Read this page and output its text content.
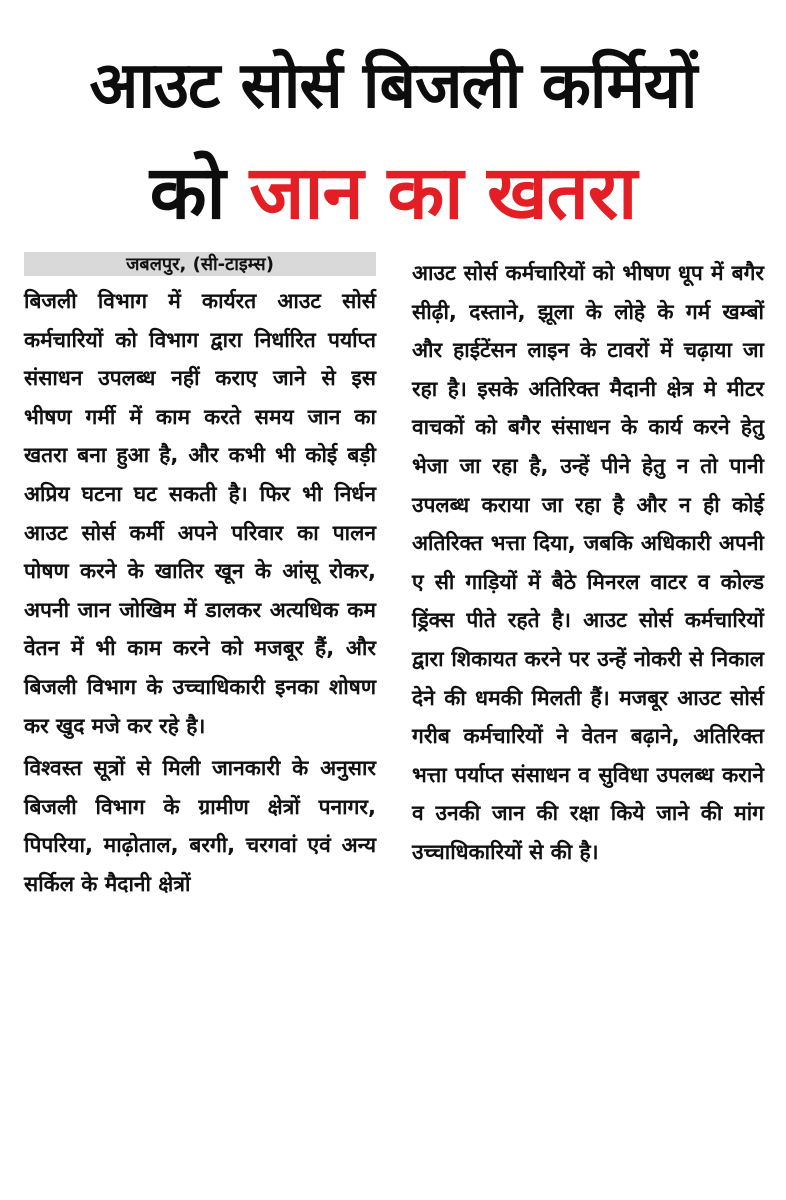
आउट सोर्स बिजली कर्मियों
को जान का खतरा
जबलपुर, (सी-टाइम्स)

बिजली विभाग में कार्यरत आउट सोर्स कर्मचारियों को विभाग द्वारा निर्धारित पर्याप्त संसाधन उपलब्ध नहीं कराए जाने से इस भीषण गर्मी में काम करते समय जान का खतरा बना हुआ है, और कभी भी कोई बड़ी अप्रिय घटना घट सकती है। फिर भी निर्धन आउट सोर्स कर्मी अपने परिवार का पालन पोषण करने के खातिर खून के आंसू रोकर, अपनी जान जोखिम में डालकर अत्यधिक कम वेतन में भी काम करने को मजबूर हैं, और बिजली विभाग के उच्चाधिकारी इनका शोषण कर खुद मजे कर रहे है।

विश्वस्त सूत्रों से मिली जानकारी के अनुसार बिजली विभाग के ग्रामीण क्षेत्रों पनागर, पिपरिया, माढ़ोताल, बरगी, चरगवां एवं अन्य सर्किल के मैदानी क्षेत्रों

आउट सोर्स कर्मचारियों को भीषण धूप में बगैर सीढ़ी, दस्ताने, झूला के लोहे के गर्म खम्बों और हाईटेंसन लाइन के टावरों में चढ़ाया जा रहा है। इसके अतिरिक्त मैदानी क्षेत्र मे मीटर वाचकों को बगैर संसाधन के कार्य करने हेतु भेजा जा रहा है, उन्हें पीने हेतु न तो पानी उपलब्ध कराया जा रहा है और न ही कोई अतिरिक्त भत्ता दिया, जबकि अधिकारी अपनी ए सी गाड़ियों में बैठे मिनरल वाटर व कोल्ड ड्रिंक्स पीते रहते है। आउट सोर्स कर्मचारियों द्वारा शिकायत करने पर उन्हें नोकरी से निकाल देने की धमकी मिलती हैं। मजबूर आउट सोर्स गरीब कर्मचारियों ने वेतन बढ़ाने, अतिरिक्त भत्ता पर्याप्त संसाधन व सुविधा उपलब्ध कराने व उनकी जान की रक्षा किये जाने की मांग उच्चाधिकारियों से की है।
